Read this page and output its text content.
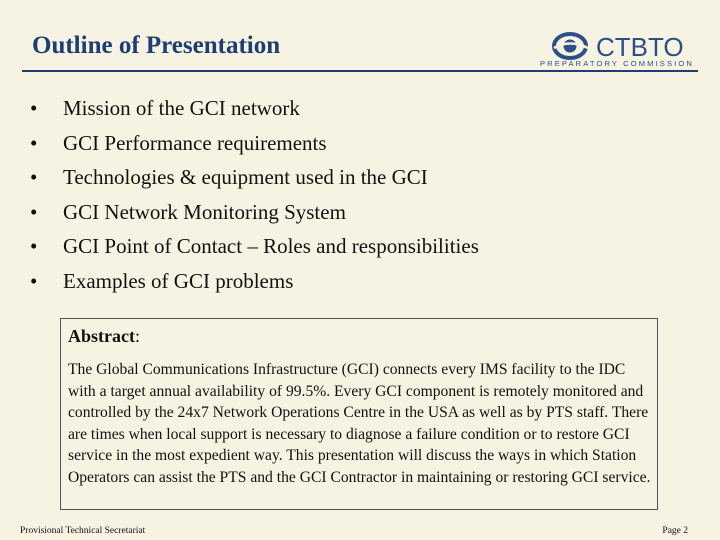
Outline of Presentation	CTBTO
PREPARATORY COMMISSION
•	Mission of the GCI network
•	GCI Performance requirements
•	Technologies & equipment used in the GCI
•	GCI Network Monitoring System
•	GCI Point of Contact – Roles and responsibilities
•	Examples of GCI problems
Abstract:

The Global Communications Infrastructure (GCI) connects every IMS facility to the IDC with a target annual availability of 99.5%. Every GCI component is remotely monitored and controlled by the 24x7 Network Operations Centre in the USA as well as by PTS staff. There are times when local support is necessary to diagnose a failure condition or to restore GCI service in the most expedient way. This presentation will discuss the ways in which Station Operators can assist the PTS and the GCI Contractor in maintaining or restoring GCI service.

Provisional Technical Secretariat	Page 2
